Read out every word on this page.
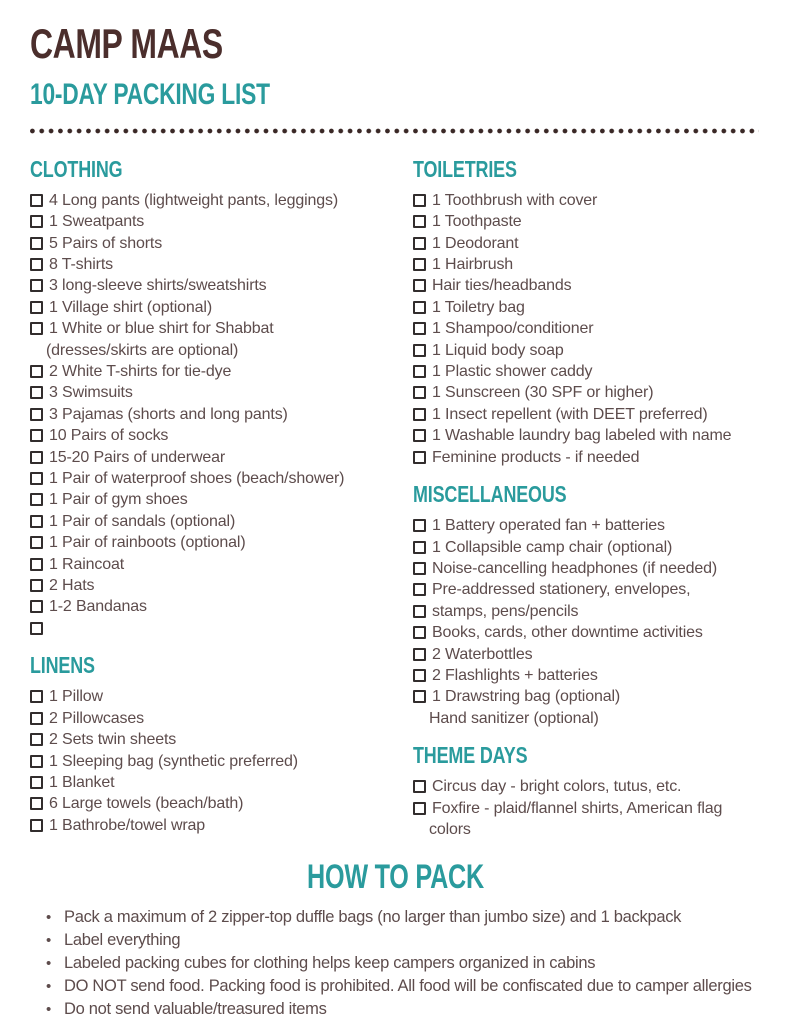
CAMP MAAS
10-DAY PACKING LIST
CLOTHING
4 Long pants (lightweight pants, leggings)
1 Sweatpants
5 Pairs of shorts
8 T-shirts
3 long-sleeve shirts/sweatshirts
1 Village shirt (optional)
1 White or blue shirt for Shabbat
(dresses/skirts are optional)
2 White T-shirts for tie-dye
3 Swimsuits
3 Pajamas (shorts and long pants)
10 Pairs of socks
15-20 Pairs of underwear
1 Pair of waterproof shoes (beach/shower)
1 Pair of gym shoes
1 Pair of sandals (optional)
1 Pair of rainboots (optional)
1 Raincoat
2 Hats
1-2 Bandanas
LINENS
1 Pillow
2 Pillowcases
2 Sets twin sheets
1 Sleeping bag (synthetic preferred)
1 Blanket
6 Large towels (beach/bath)
1 Bathrobe/towel wrap
TOILETRIES
1 Toothbrush with cover
1 Toothpaste
1 Deodorant
1 Hairbrush
Hair ties/headbands
1 Toiletry bag
1 Shampoo/conditioner
1 Liquid body soap
1 Plastic shower caddy
1 Sunscreen (30 SPF or higher)
1 Insect repellent (with DEET preferred)
1 Washable laundry bag labeled with name
Feminine products - if needed
MISCELLANEOUS
1 Battery operated fan + batteries
1 Collapsible camp chair (optional)
Noise-cancelling headphones (if needed)
Pre-addressed stationery, envelopes,
stamps, pens/pencils
Books, cards, other downtime activities
2 Waterbottles
2 Flashlights + batteries
1 Drawstring bag (optional)
Hand sanitizer (optional)
THEME DAYS
Circus day - bright colors, tutus, etc.
Foxfire - plaid/flannel shirts, American flag
colors
HOW TO PACK
• Pack a maximum of 2 zipper-top duffle bags (no larger than jumbo size) and 1 backpack
• Label everything
• Labeled packing cubes for clothing helps keep campers organized in cabins
• DO NOT send food. Packing food is prohibited. All food will be confiscated due to camper allergies
• Do not send valuable/treasured items
